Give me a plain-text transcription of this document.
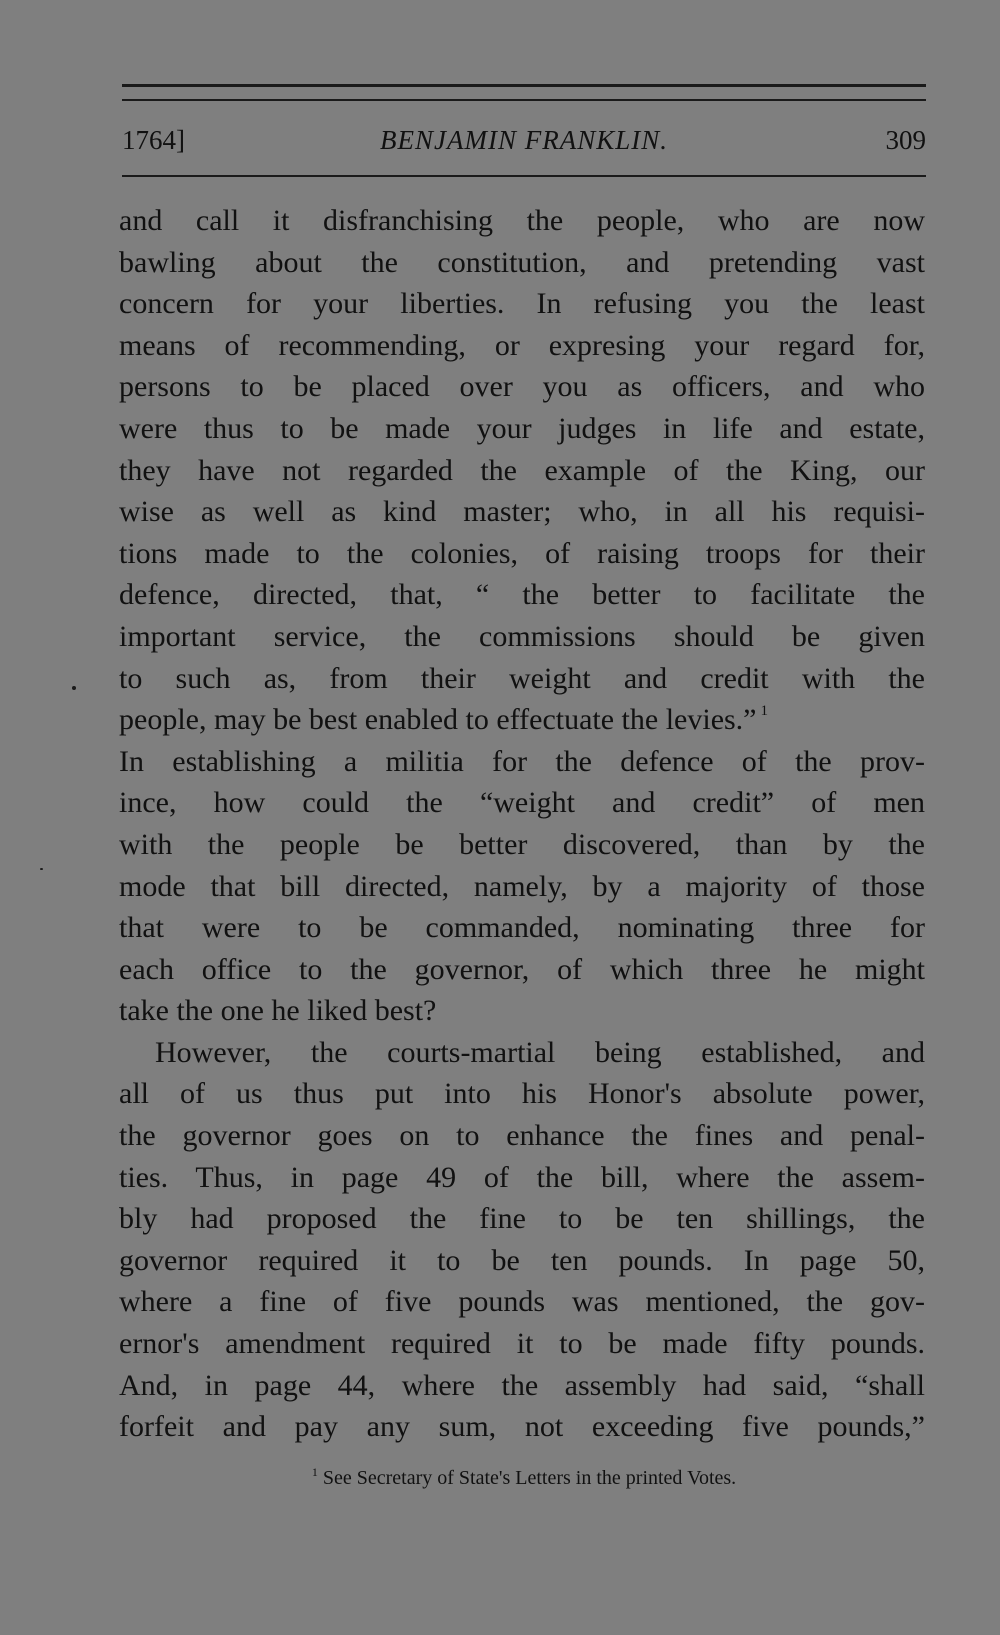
1764]	BENJAMIN FRANKLIN.	309
and call it disfranchising the people, who are now
bawling about the constitution, and pretending vast
concern for your liberties. In refusing you the least
means of recommending, or expresing your regard for,
persons to be placed over you as officers, and who
were thus to be made your judges in life and estate,
they have not regarded the example of the King, our
wise as well as kind master; who, in all his requisi-
tions made to the colonies, of raising troops for their
defence, directed, that, “ the better to facilitate the
important service, the commissions should be given
to such as, from their weight and credit with the
people, may be best enabled to effectuate the levies.” $^1$
In establishing a militia for the defence of the prov-
ince, how could the “weight and credit” of men
with the people be better discovered, than by the
mode that bill directed, namely, by a majority of those
that were to be commanded, nominating three for
each office to the governor, of which three he might
take the one he liked best?
However, the courts-martial being established, and
all of us thus put into his Honor's absolute power,
the governor goes on to enhance the fines and penal-
ties. Thus, in page 49 of the bill, where the assem-
bly had proposed the fine to be ten shillings, the
governor required it to be ten pounds. In page 50,
where a fine of five pounds was mentioned, the gov-
ernor's amendment required it to be made fifty pounds.
And, in page 44, where the assembly had said, “shall
forfeit and pay any sum, not exceeding five pounds,”
$^1$ See Secretary of State's Letters in the printed Votes.
